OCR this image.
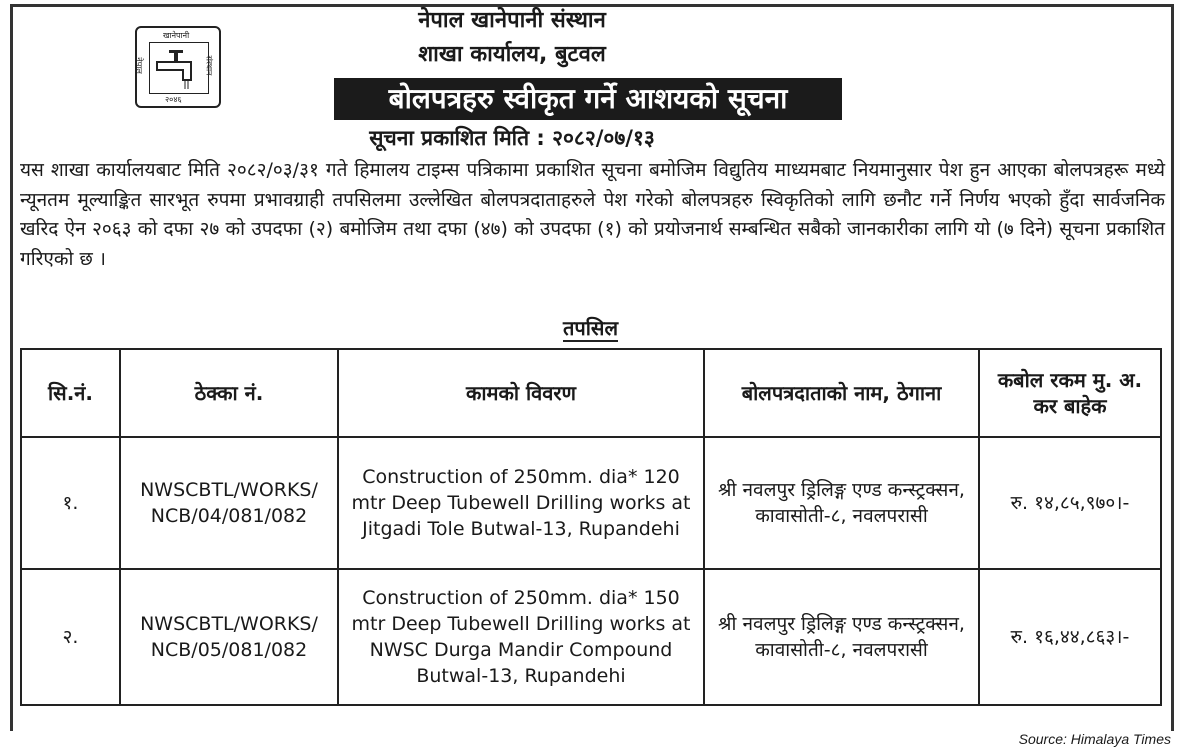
खानेपानी
नेपाल	संस्थान
२०४६
नेपाल खानेपानी संस्थान
शाखा कार्यालय, बुटवल
बोलपत्रहरु स्वीकृत गर्ने आशयको सूचना
सूचना प्रकाशित मिति : २०८२/०७/१३
यस शाखा कार्यालयबाट मिति २०८२/०३/३१ गते हिमालय टाइम्स पत्रिकामा प्रकाशित सूचना बमोजिम विद्युतिय माध्यमबाट नियमानुसार पेश हुन आएका बोलपत्रहरू मध्ये न्यूनतम मूल्याङ्कित सारभूत रुपमा प्रभावग्राही तपसिलमा उल्लेखित बोलपत्रदाताहरुले पेश गरेको बोलपत्रहरु स्विकृतिको लागि छनौट गर्ने निर्णय भएको हुँदा सार्वजनिक खरिद ऐन २०६३ को दफा २७ को उपदफा (२) बमोजिम तथा दफा (४७) को उपदफा (१) को प्रयोजनार्थ सम्बन्धित सबैको जानकारीका लागि यो (७ दिने) सूचना प्रकाशित गरिएको छ ।
तपसिल
सि.नं.	ठेक्का नं.	कामको विवरण	बोलपत्रदाताको नाम, ठेगाना	कबोल रकम मु. अ. कर बाहेक
१.	NWSCBTL/WORKS/ NCB/04/081/082	Construction of 250mm. dia* 120 mtr Deep Tubewell Drilling works at Jitgadi Tole Butwal-13, Rupandehi	श्री नवलपुर ड्रिलिङ्ग एण्ड कन्स्ट्रक्सन, कावासोती-८, नवलपरासी	रु. १४,८५,९७०।-
२.	NWSCBTL/WORKS/ NCB/05/081/082	Construction of 250mm. dia* 150 mtr Deep Tubewell Drilling works at NWSC Durga Mandir Compound Butwal-13, Rupandehi	श्री नवलपुर ड्रिलिङ्ग एण्ड कन्स्ट्रक्सन, कावासोती-८, नवलपरासी	रु. १६,४४,८६३।-
Source: Himalaya Times
